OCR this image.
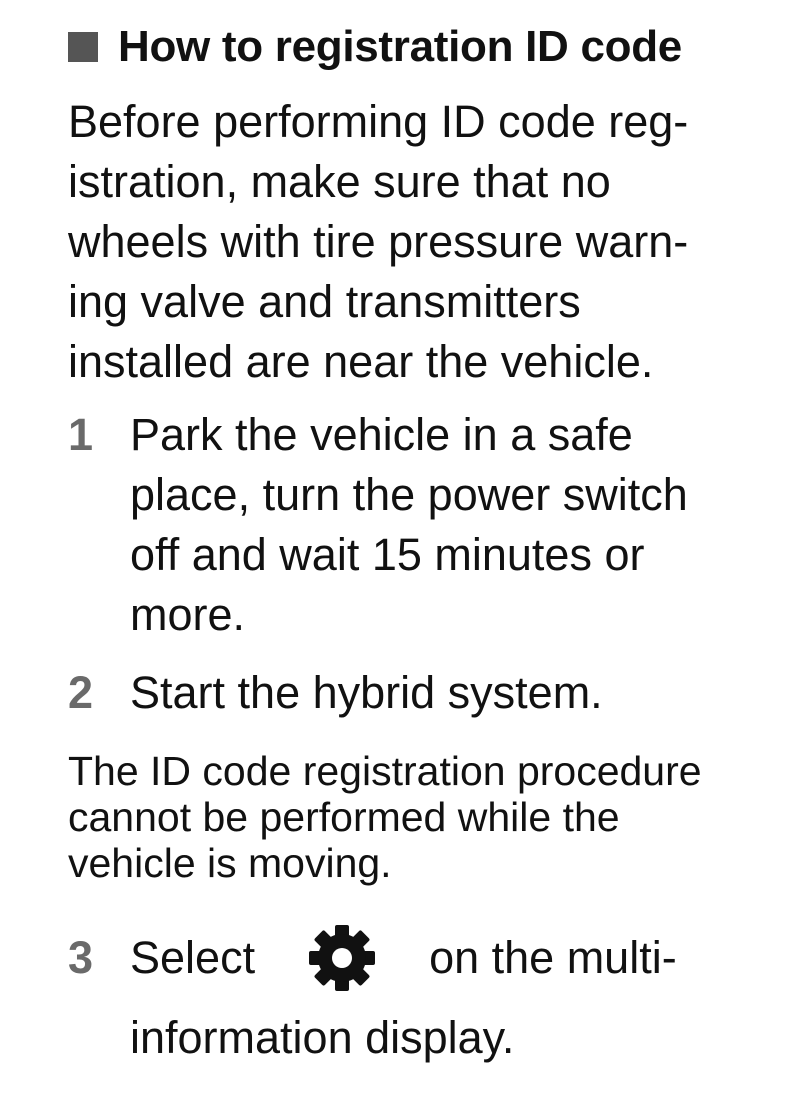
How to registration ID code
Before performing ID code reg-
istration, make sure that no
wheels with tire pressure warn-
ing valve and transmitters
installed are near the vehicle.
1 Park the vehicle in a safe
place, turn the power switch
off and wait 15 minutes or
more.
2 Start the hybrid system.
The ID code registration procedure
cannot be performed while the
vehicle is moving.
3 Select	on the multi-
information display.
